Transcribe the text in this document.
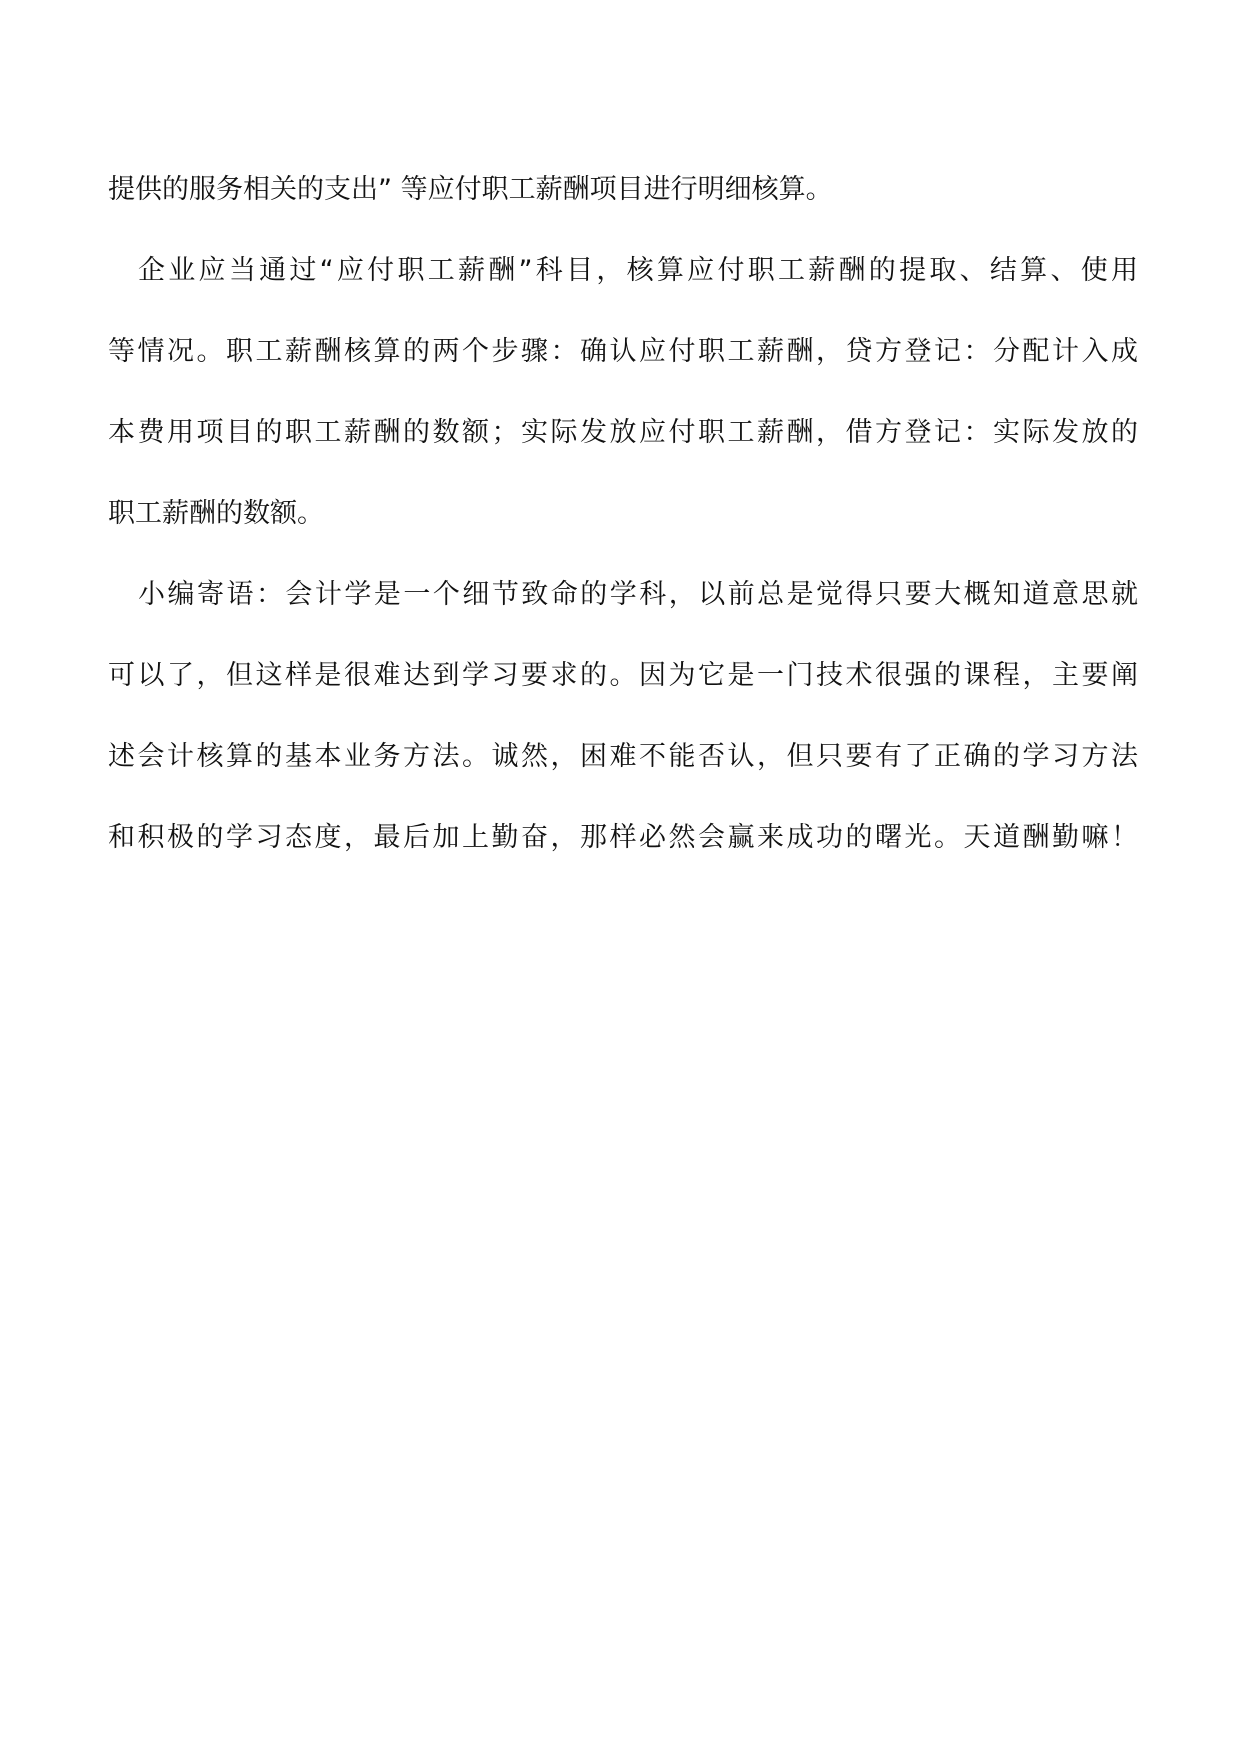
提供的服务相关的支出” 等应付职工薪酬项目进行明细核算。

企业应当通过“应付职工薪酬”科目，核算应付职工薪酬的提取、结算、使用
等情况。职工薪酬核算的两个步骤：确认应付职工薪酬，贷方登记：分配计入成
本费用项目的职工薪酬的数额；实际发放应付职工薪酬，借方登记：实际发放的
职工薪酬的数额。

小编寄语：会计学是一个细节致命的学科，以前总是觉得只要大概知道意思就
可以了，但这样是很难达到学习要求的。因为它是一门技术很强的课程，主要阐
述会计核算的基本业务方法。诚然，困难不能否认，但只要有了正确的学习方法
和积极的学习态度，最后加上勤奋，那样必然会赢来成功的曙光。天道酬勤嘛！
